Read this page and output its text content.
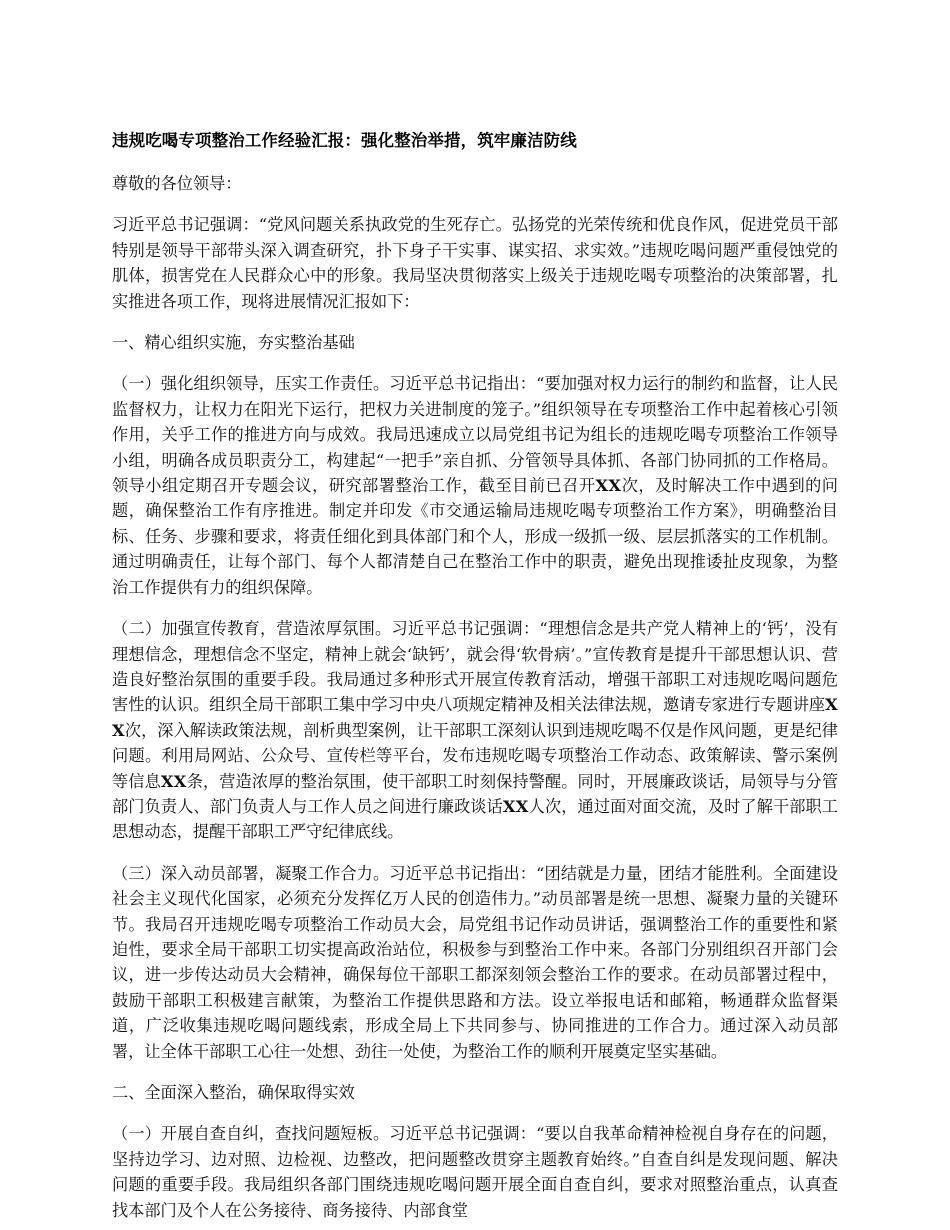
违规吃喝专项整治工作经验汇报：强化整治举措，筑牢廉洁防线

尊敬的各位领导：

习近平总书记强调：“党风问题关系执政党的生死存亡。弘扬党的光荣传统和优良作风，促进党员干部特别是领导干部带头深入调查研究，扑下身子干实事、谋实招、求实效。”违规吃喝问题严重侵蚀党的肌体，损害党在人民群众心中的形象。我局坚决贯彻落实上级关于违规吃喝专项整治的决策部署，扎实推进各项工作，现将进展情况汇报如下：

一、精心组织实施，夯实整治基础

（一）强化组织领导，压实工作责任。习近平总书记指出：“要加强对权力运行的制约和监督，让人民监督权力，让权力在阳光下运行，把权力关进制度的笼子。”组织领导在专项整治工作中起着核心引领作用，关乎工作的推进方向与成效。我局迅速成立以局党组书记为组长的违规吃喝专项整治工作领导小组，明确各成员职责分工，构建起“一把手”亲自抓、分管领导具体抓、各部门协同抓的工作格局。领导小组定期召开专题会议，研究部署整治工作，截至目前已召开XX次，及时解决工作中遇到的问题，确保整治工作有序推进。制定并印发《市交通运输局违规吃喝专项整治工作方案》，明确整治目标、任务、步骤和要求，将责任细化到具体部门和个人，形成一级抓一级、层层抓落实的工作机制。通过明确责任，让每个部门、每个人都清楚自己在整治工作中的职责，避免出现推诿扯皮现象，为整治工作提供有力的组织保障。

（二）加强宣传教育，营造浓厚氛围。习近平总书记强调：“理想信念是共产党人精神上的‘钙’，没有理想信念，理想信念不坚定，精神上就会‘缺钙’，就会得‘软骨病’。”宣传教育是提升干部思想认识、营造良好整治氛围的重要手段。我局通过多种形式开展宣传教育活动，增强干部职工对违规吃喝问题危害性的认识。组织全局干部职工集中学习中央八项规定精神及相关法律法规，邀请专家进行专题讲座XX次，深入解读政策法规，剖析典型案例，让干部职工深刻认识到违规吃喝不仅是作风问题，更是纪律问题。利用局网站、公众号、宣传栏等平台，发布违规吃喝专项整治工作动态、政策解读、警示案例等信息XX条，营造浓厚的整治氛围，使干部职工时刻保持警醒。同时，开展廉政谈话，局领导与分管部门负责人、部门负责人与工作人员之间进行廉政谈话XX人次，通过面对面交流，及时了解干部职工思想动态，提醒干部职工严守纪律底线。

（三）深入动员部署，凝聚工作合力。习近平总书记指出：“团结就是力量，团结才能胜利。全面建设社会主义现代化国家，必须充分发挥亿万人民的创造伟力。”动员部署是统一思想、凝聚力量的关键环节。我局召开违规吃喝专项整治工作动员大会，局党组书记作动员讲话，强调整治工作的重要性和紧迫性，要求全局干部职工切实提高政治站位，积极参与到整治工作中来。各部门分别组织召开部门会议，进一步传达动员大会精神，确保每位干部职工都深刻领会整治工作的要求。在动员部署过程中，鼓励干部职工积极建言献策，为整治工作提供思路和方法。设立举报电话和邮箱，畅通群众监督渠道，广泛收集违规吃喝问题线索，形成全局上下共同参与、协同推进的工作合力。通过深入动员部署，让全体干部职工心往一处想、劲往一处使，为整治工作的顺利开展奠定坚实基础。

二、全面深入整治，确保取得实效

（一）开展自查自纠，查找问题短板。习近平总书记强调：“要以自我革命精神检视自身存在的问题，坚持边学习、边对照、边检视、边整改，把问题整改贯穿主题教育始终。”自查自纠是发现问题、解决问题的重要手段。我局组织各部门围绕违规吃喝问题开展全面自查自纠，要求对照整治重点，认真查找本部门及个人在公务接待、商务接待、内部食堂
